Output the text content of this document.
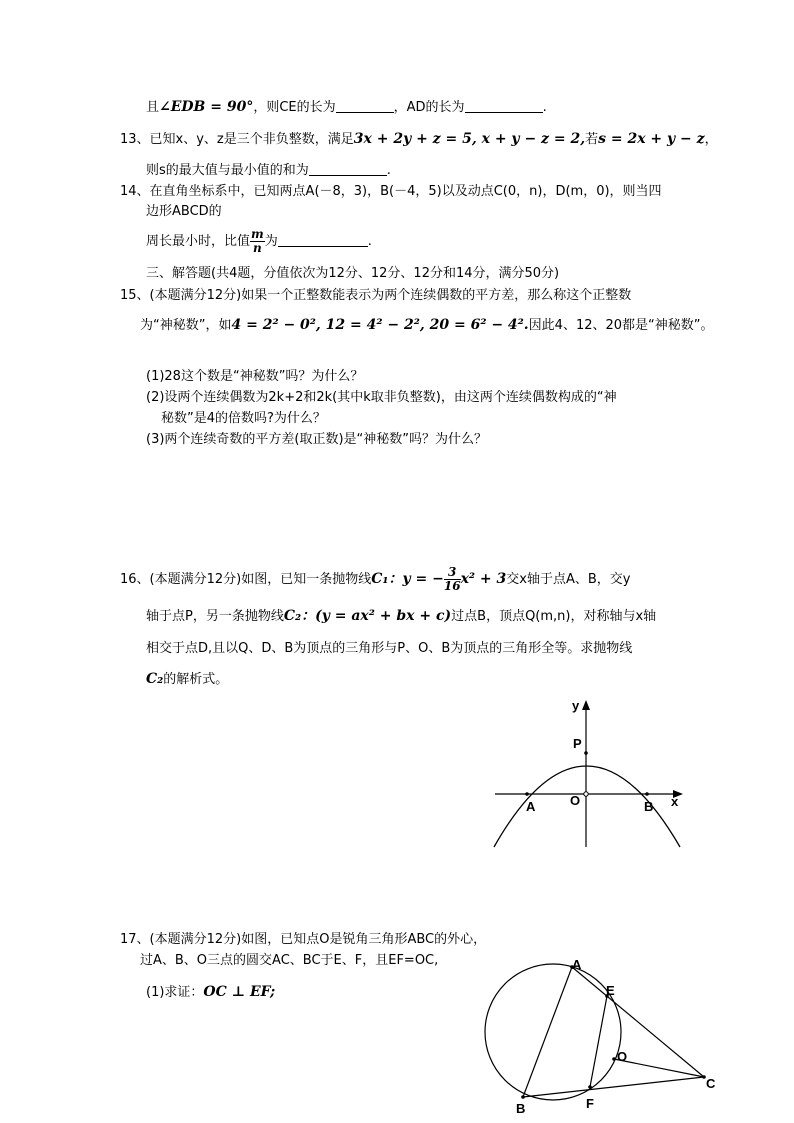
且∠EDB = 90°，则CE的长为	，AD的长为	.
13、已知x、y、z是三个非负整数，满足3x + 2y + z = 5, x + y − z = 2,若s = 2x + y − z，
则s的最大值与最小值的和为	.
14、在直角坐标系中，已知两点A(－8，3)，B(－4，5)以及动点C(0，n)，D(m，0)，则当四
边形ABCD的
周长最小时，比值 $\frac{m}{n}$ 为	.
三、解答题(共4题，分值依次为12分、12分、12分和14分，满分50分)
15、(本题满分12分)如果一个正整数能表示为两个连续偶数的平方差，那么称这个正整数
为“神秘数”，如4 = 2² − 0², 12 = 4² − 2², 20 = 6² − 4².因此4、12、20都是“神秘数”。
(1)28这个数是“神秘数”吗？为什么？
(2)设两个连续偶数为2k+2和2k(其中k取非负整数)，由这两个连续偶数构成的“神
秘数”是4的倍数吗?为什么？
(3)两个连续奇数的平方差(取正数)是“神秘数”吗？为什么？
16、(本题满分12分)如图，已知一条抛物线C₁：y = − $\frac{3}{16} x^2 + 3$交x轴于点A、B，交y
轴于点P，另一条抛物线C₂：(y = ax² + bx + c)过点B，顶点Q(m,n)，对称轴与x轴
相交于点D,且以Q、D、B为顶点的三角形与P、O、B为顶点的三角形全等。求抛物线
C₂的解析式。
y
x
P
A	O	B
17、(本题满分12分)如图，已知点O是锐角三角形ABC的外心，
过A、B、O三点的圆交AC、BC于E、F，且EF=OC,
(1)求证：OC ⊥ EF;
A
E
O
C
B	F
